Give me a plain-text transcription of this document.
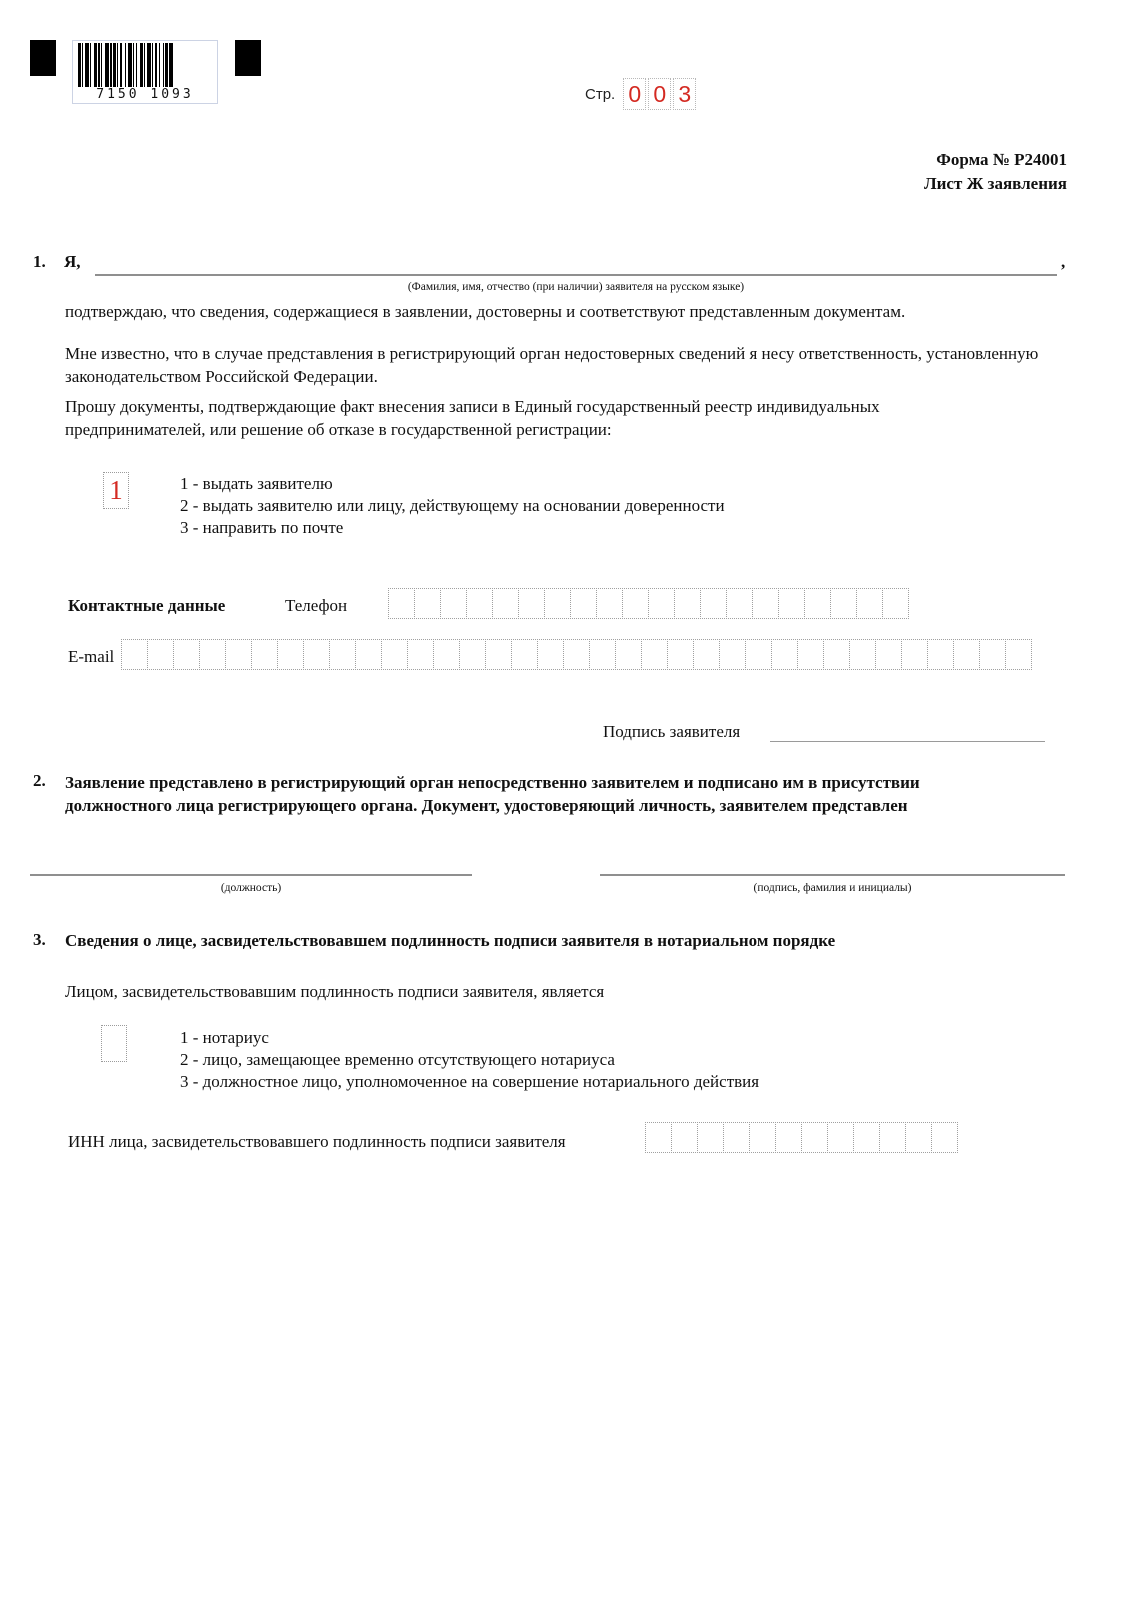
7150 1093	Стр. 0 0 3
Форма № Р24001
Лист Ж заявления
1. Я,	,
(Фамилия, имя, отчество (при наличии) заявителя на русском языке)
подтверждаю, что сведения, содержащиеся в заявлении, достоверны и соответствуют представленным документам.
Мне известно, что в случае представления в регистрирующий орган недостоверных сведений я несу ответственность, установленную законодательством Российской Федерации.
Прошу документы, подтверждающие факт внесения записи в Единый государственный реестр индивидуальных предпринимателей, или решение об отказе в государственной регистрации:
1	1 - выдать заявителю
2 - выдать заявителю или лицу, действующему на основании доверенности
3 - направить по почте
Контактные данные	Телефон
E-mail
Подпись заявителя
2. Заявление представлено в регистрирующий орган непосредственно заявителем и подписано им в присутствии должностного лица регистрирующего органа. Документ, удостоверяющий личность, заявителем представлен
(должность)	(подпись, фамилия и инициалы)
3. Сведения о лице, засвидетельствовавшем подлинность подписи заявителя в нотариальном порядке
Лицом, засвидетельствовавшим подлинность подписи заявителя, является
1 - нотариус
2 - лицо, замещающее временно отсутствующего нотариуса
3 - должностное лицо, уполномоченное на совершение нотариального действия
ИНН лица, засвидетельствовавшего подлинность подписи заявителя
